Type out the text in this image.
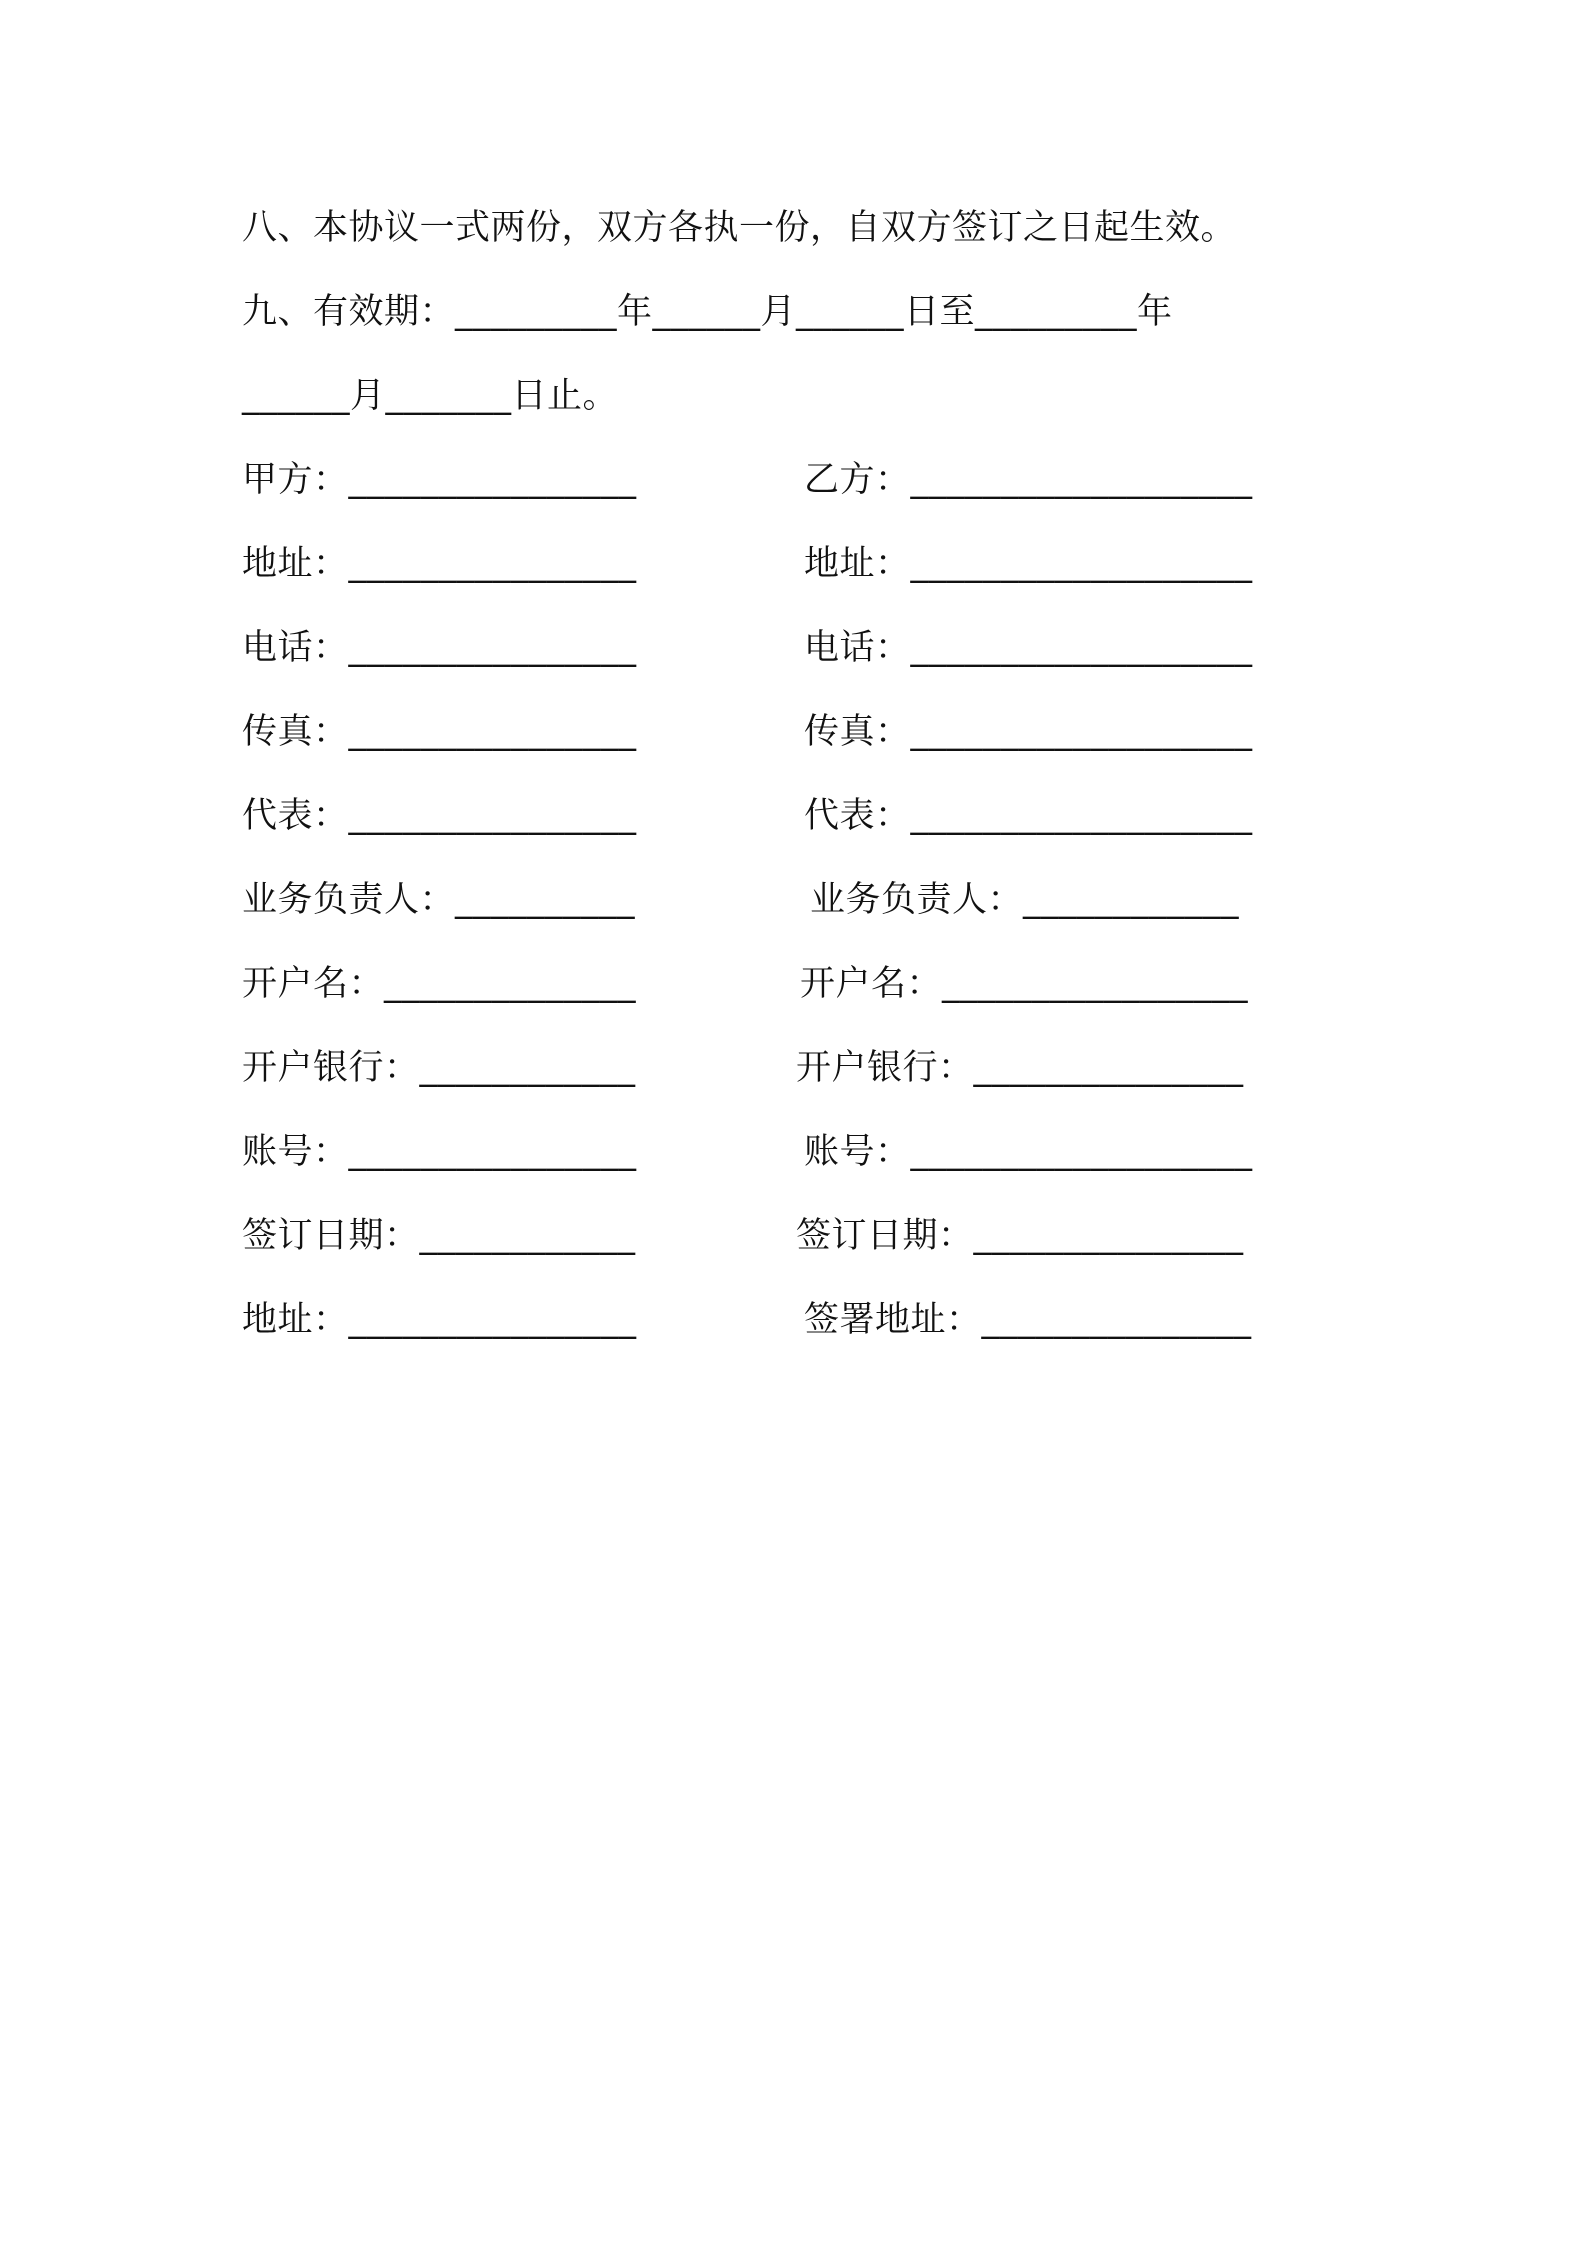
八、本协议一式两份，双方各执一份，自双方签订之日起生效。
九、有效期：_________年______月______日至_________年
______月_______日止。
甲方：________________
地址：________________
电话：________________
传真：________________
代表：________________
业务负责人：__________
开户名：______________
开户银行：____________
账号：________________
签订日期：____________
地址：________________
乙方：___________________
地址：___________________
电话：___________________
传真：___________________
代表：___________________
业务负责人：____________
开户名：_________________
开户银行：_______________
账号：___________________
签订日期：_______________
签署地址：_______________
